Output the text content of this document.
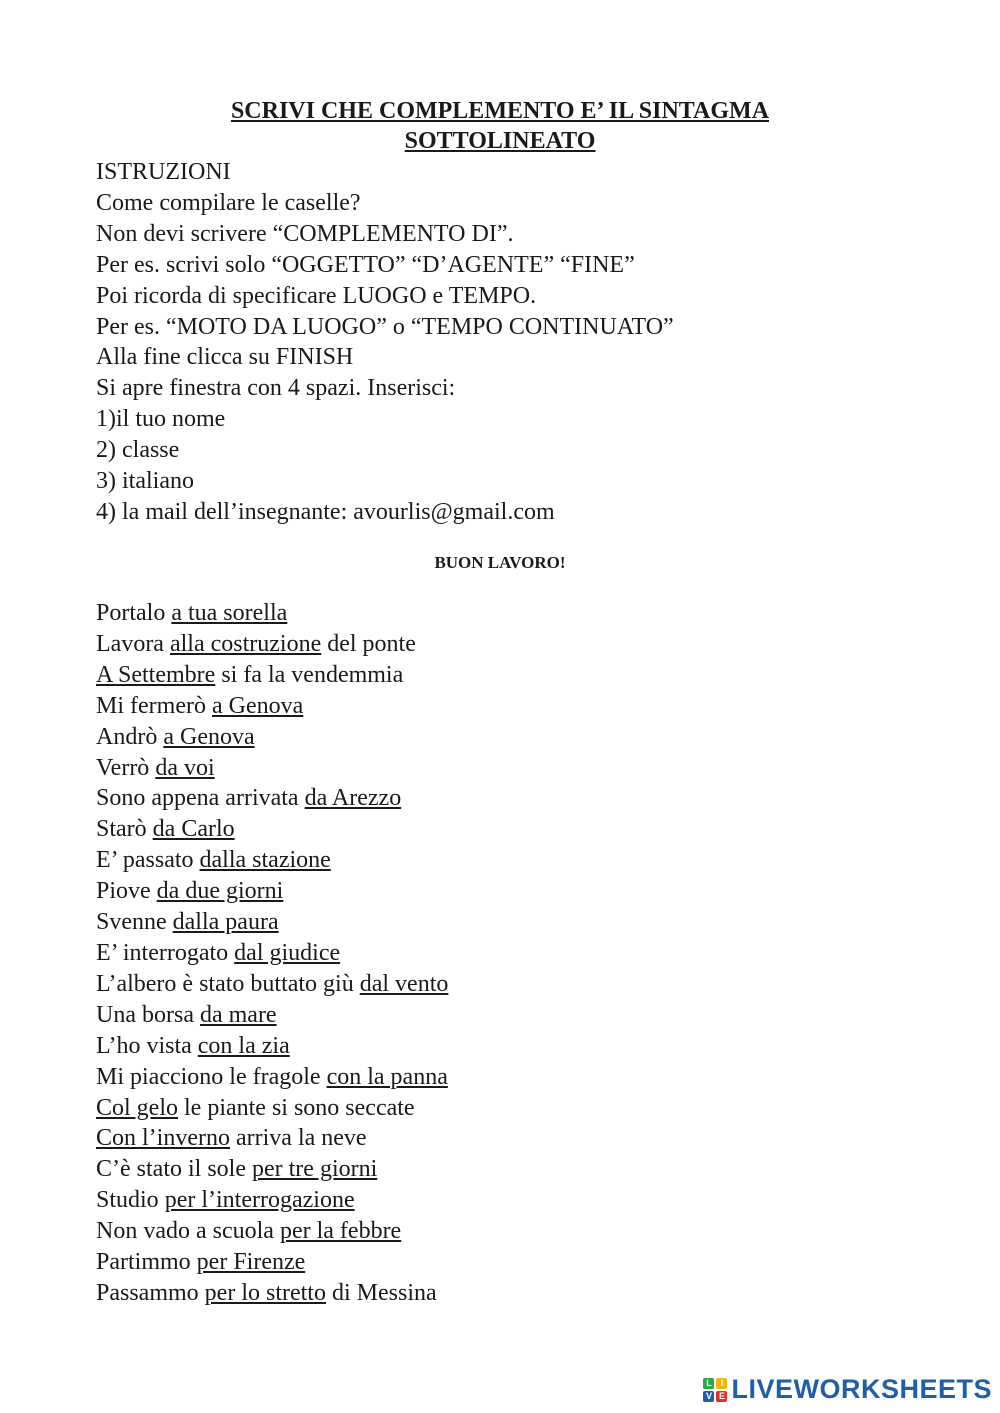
SCRIVI CHE COMPLEMENTO E’ IL SINTAGMA
SOTTOLINEATO
ISTRUZIONI
Come compilare le caselle?
Non devi scrivere “COMPLEMENTO DI”.
Per es. scrivi solo “OGGETTO” “D’AGENTE” “FINE”
Poi ricorda di specificare LUOGO e TEMPO.
Per es. “MOTO DA LUOGO” o “TEMPO CONTINUATO”
Alla fine clicca su FINISH
Si apre finestra con 4 spazi. Inserisci:
1)il tuo nome
2) classe
3) italiano
4) la mail dell’insegnante: avourlis@gmail.com
BUON LAVORO!
Portalo a tua sorella
Lavora alla costruzione del ponte
A Settembre si fa la vendemmia
Mi fermerò a Genova
Andrò a Genova
Verrò da voi
Sono appena arrivata da Arezzo
Starò da Carlo
E’ passato dalla stazione
Piove da due giorni
Svenne dalla paura
E’ interrogato dal giudice
L’albero è stato buttato giù dal vento
Una borsa da mare
L’ho vista con la zia
Mi piacciono le fragole con la panna
Col gelo le piante si sono seccate
Con l’inverno arriva la neve
C’è stato il sole per tre giorni
Studio per l’interrogazione
Non vado a scuola per la febbre
Partimmo per Firenze
Passammo per lo stretto di Messina
L I
V E LIVEWORKSHEETS
